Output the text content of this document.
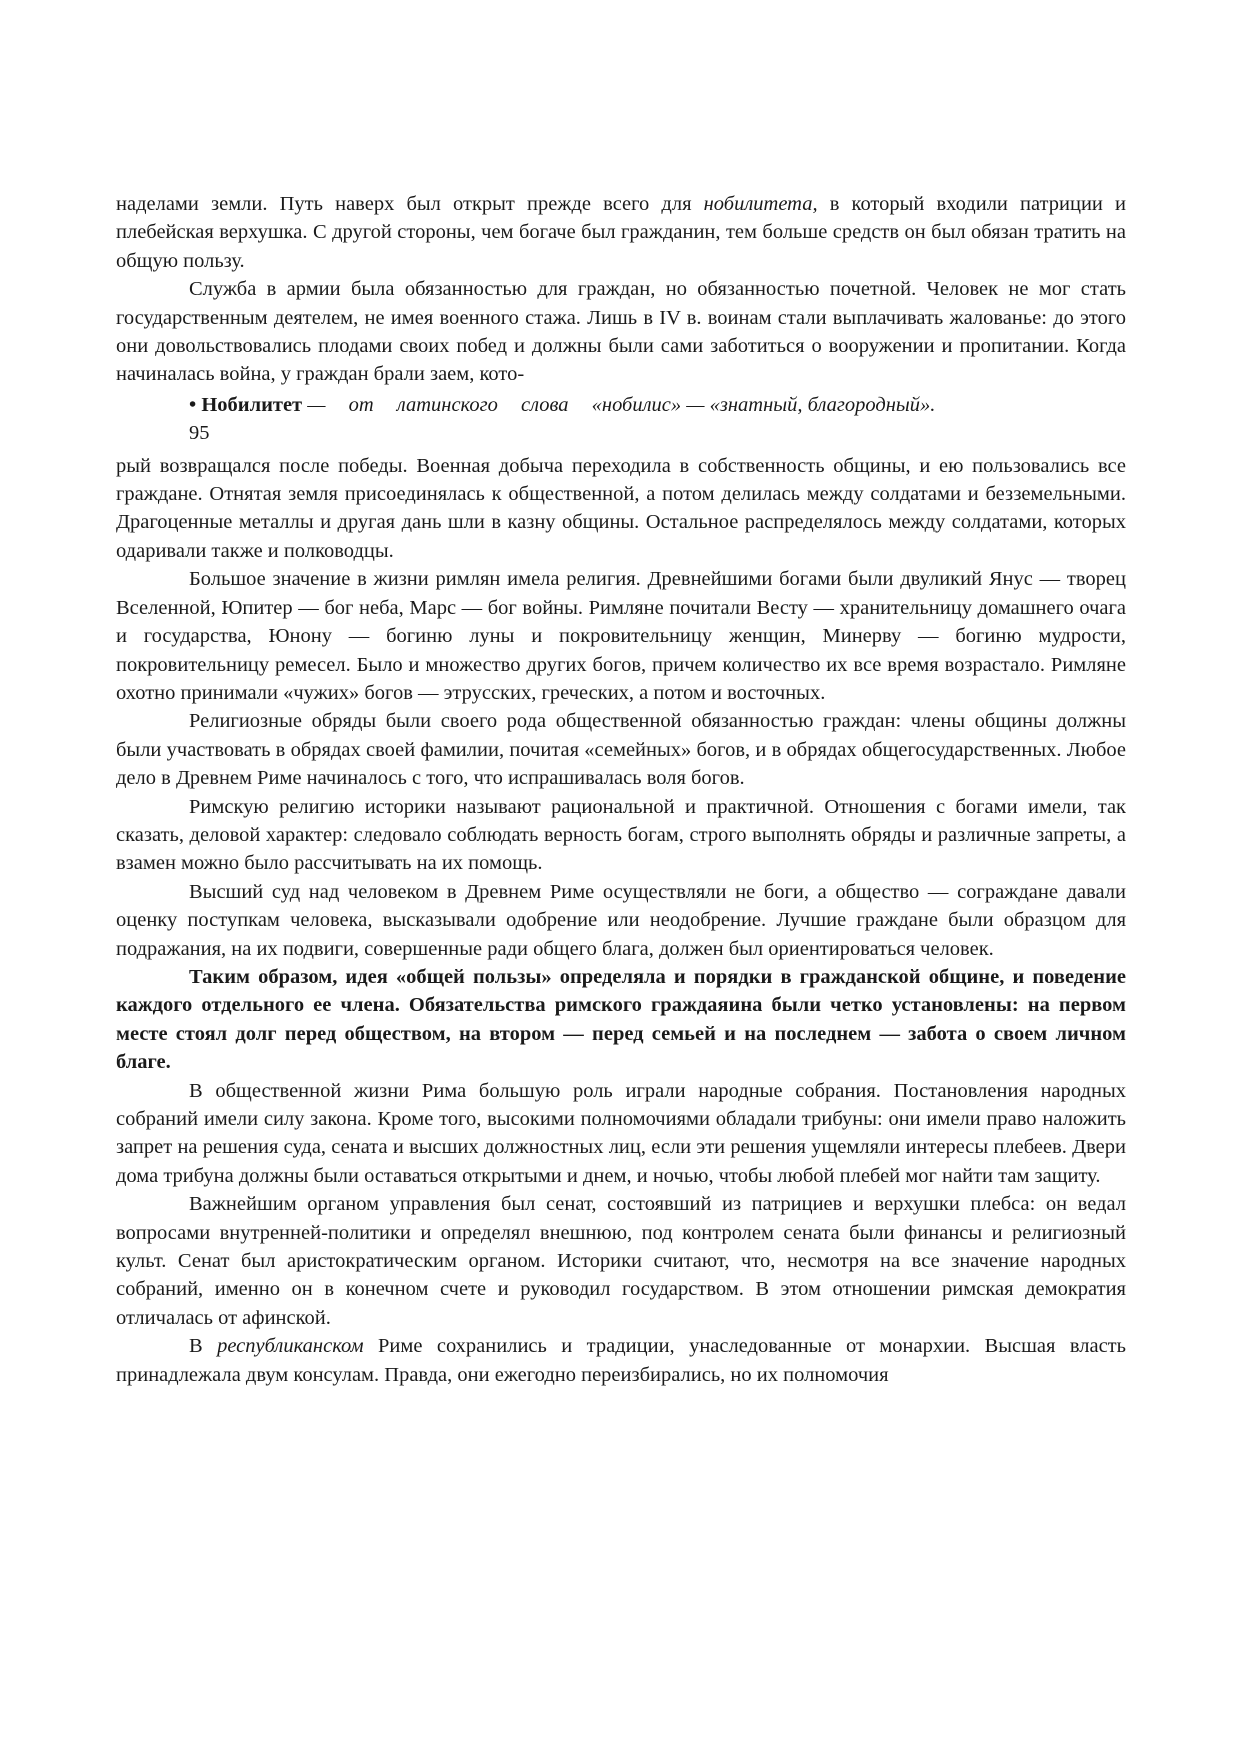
наделами земли. Путь наверх был открыт прежде всего для нобилитета, в который входили патриции и плебейская верхушка. С другой стороны, чем богаче был гражданин, тем больше средств он был обязан тратить на общую пользу.

Служба в армии была обязанностью для граждан, но обязанностью почетной. Человек не мог стать государственным деятелем, не имея военного стажа. Лишь в IV в. воинам стали выплачивать жалованье: до этого они довольствовались плодами своих побед и должны были сами заботиться о вооружении и пропитании. Когда начиналась война, у граждан брали заем, кото-

• Нобилитет — от латинского слова «нобилис» — «знатный, благородный».
95

рый возвращался после победы. Военная добыча переходила в собственность общины, и ею пользовались все граждане. Отнятая земля присоединялась к общественной, а потом делилась между солдатами и безземельными. Драгоценные металлы и другая дань шли в казну общины. Остальное распределялось между солдатами, которых одаривали также и полководцы.

Большое значение в жизни римлян имела религия. Древнейшими богами были двуликий Янус — творец Вселенной, Юпитер — бог неба, Марс — бог войны. Римляне почитали Весту — хранительницу домашнего очага и государства, Юнону — богиню луны и покровительницу женщин, Минерву — богиню мудрости, покровительницу ремесел. Было и множество других богов, причем количество их все время возрастало. Римляне охотно принимали «чужих» богов — этрусских, греческих, а потом и восточных.

Религиозные обряды были своего рода общественной обязанностью граждан: члены общины должны были участвовать в обрядах своей фамилии, почитая «семейных» богов, и в обрядах общегосударственных. Любое дело в Древнем Риме начиналось с того, что испрашивалась воля богов.

Римскую религию историки называют рациональной и практичной. Отношения с богами имели, так сказать, деловой характер: следовало соблюдать верность богам, строго выполнять обряды и различные запреты, а взамен можно было рассчитывать на их помощь.

Высший суд над человеком в Древнем Риме осуществляли не боги, а общество — сограждане давали оценку поступкам человека, высказывали одобрение или неодобрение. Лучшие граждане были образцом для подражания, на их подвиги, совершенные ради общего блага, должен был ориентироваться человек.

Таким образом, идея «общей пользы» определяла и порядки в гражданской общине, и поведение каждого отдельного ее члена. Обязательства римского граждаяина были четко установлены: на первом месте стоял долг перед обществом, на втором — перед семьей и на последнем — забота о своем личном благе.

В общественной жизни Рима большую роль играли народные собрания. Постановления народных собраний имели силу закона. Кроме того, высокими полномочиями обладали трибуны: они имели право наложить запрет на решения суда, сената и высших должностных лиц, если эти решения ущемляли интересы плебеев. Двери дома трибуна должны были оставаться открытыми и днем, и ночью, чтобы любой плебей мог найти там защиту.

Важнейшим органом управления был сенат, состоявший из патрициев и верхушки плебса: он ведал вопросами внутренней-политики и определял внешнюю, под контролем сената были финансы и религиозный культ. Сенат был аристократическим органом. Историки считают, что, несмотря на все значение народных собраний, именно он в конечном счете и руководил государством. В этом отношении римская демократия отличалась от афинской.

В республиканском Риме сохранились и традиции, унаследованные от монархии. Высшая власть принадлежала двум консулам. Правда, они ежегодно переизбирались, но их полномочия
